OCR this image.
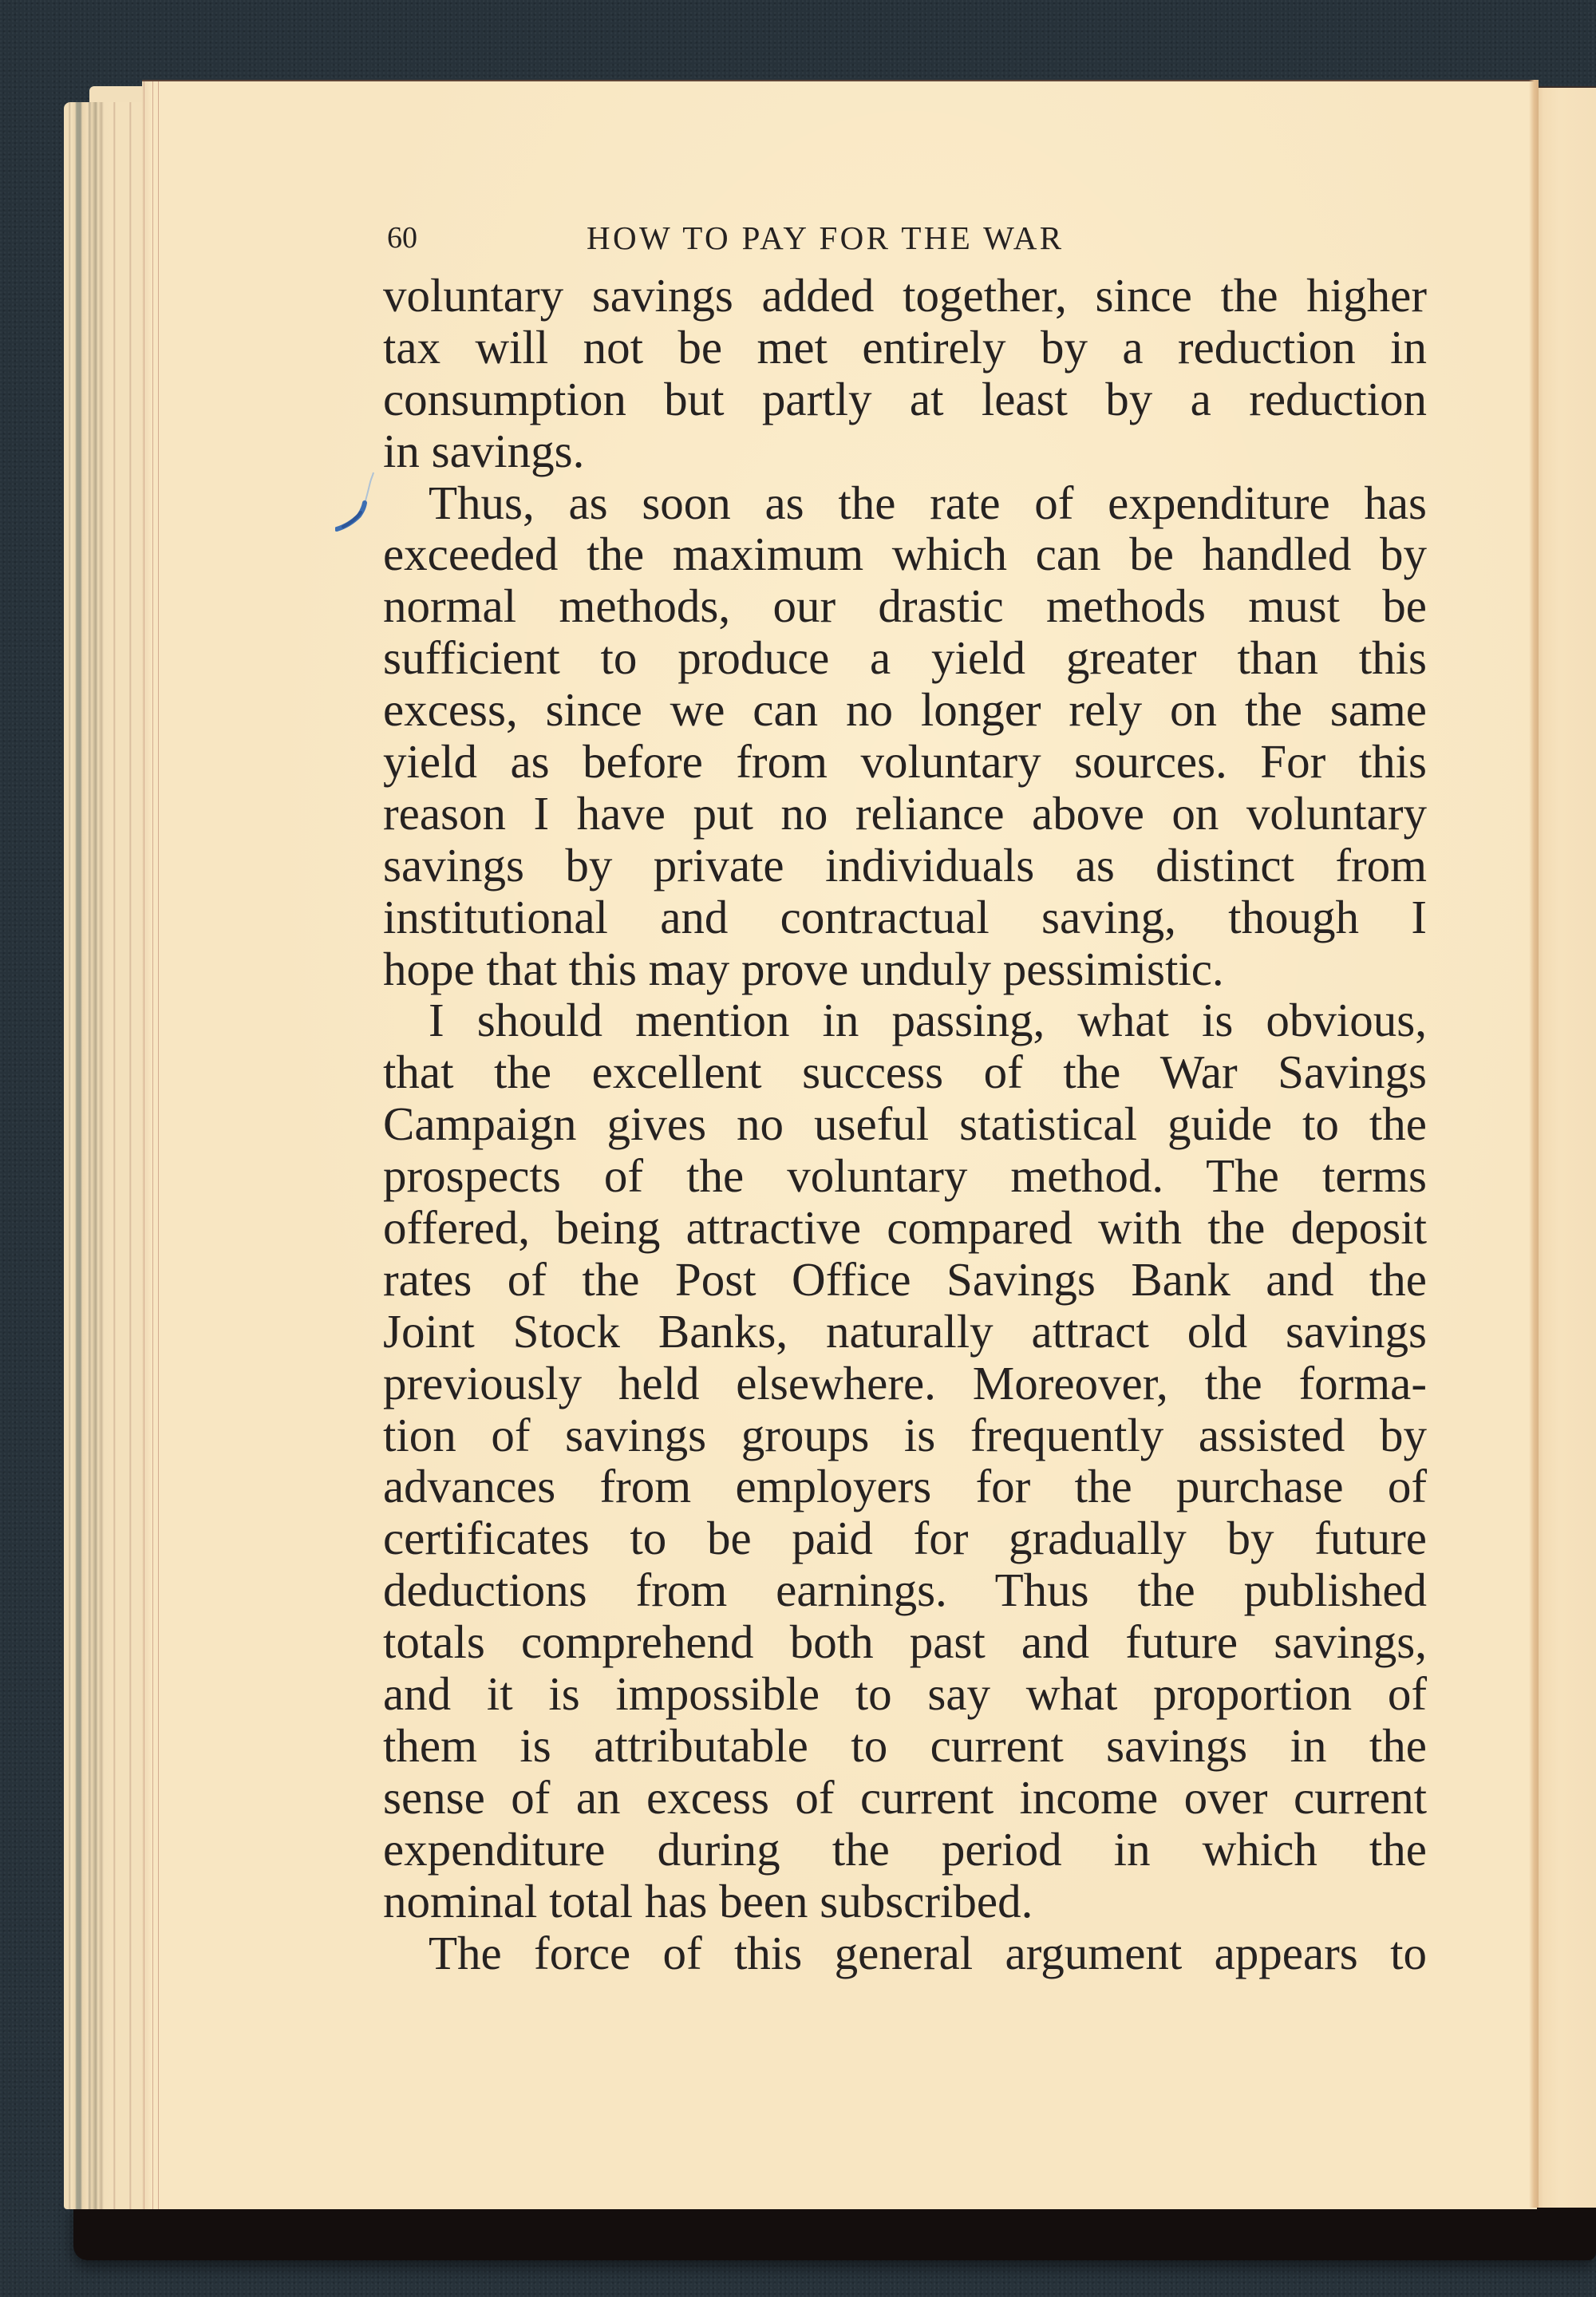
60	HOW TO PAY FOR THE WAR
voluntary savings added together, since the higher
tax will not be met entirely by a reduction in
consumption but partly at least by a reduction
in savings.
Thus, as soon as the rate of expenditure has
exceeded the maximum which can be handled by
normal methods, our drastic methods must be
sufficient to produce a yield greater than this
excess, since we can no longer rely on the same
yield as before from voluntary sources. For this
reason I have put no reliance above on voluntary
savings by private individuals as distinct from
institutional and contractual saving, though I
hope that this may prove unduly pessimistic.
I should mention in passing, what is obvious,
that the excellent success of the War Savings
Campaign gives no useful statistical guide to the
prospects of the voluntary method. The terms
offered, being attractive compared with the deposit
rates of the Post Office Savings Bank and the
Joint Stock Banks, naturally attract old savings
previously held elsewhere. Moreover, the forma-
tion of savings groups is frequently assisted by
advances from employers for the purchase of
certificates to be paid for gradually by future
deductions from earnings. Thus the published
totals comprehend both past and future savings,
and it is impossible to say what proportion of
them is attributable to current savings in the
sense of an excess of current income over current
expenditure during the period in which the
nominal total has been subscribed.
The force of this general argument appears to
